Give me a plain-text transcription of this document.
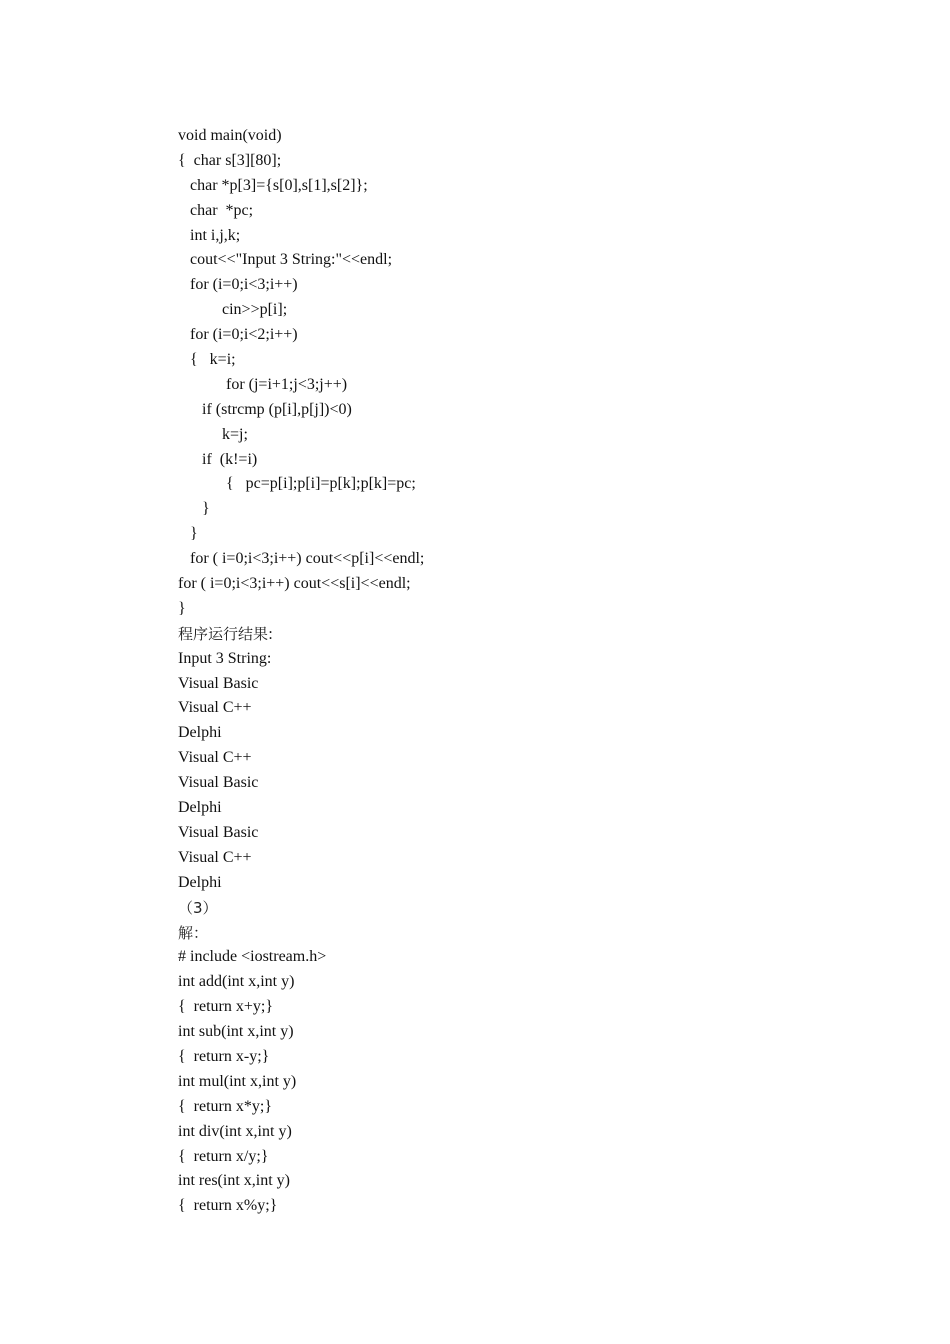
void main(void)
{  char s[3][80];
char *p[3]={s[0],s[1],s[2]};
char  *pc;
int i,j,k;
cout<<"Input 3 String:"<<endl;
for (i=0;i<3;i++)
cin>>p[i];
for (i=0;i<2;i++)
{   k=i;
for (j=i+1;j<3;j++)
if (strcmp (p[i],p[j])<0)
k=j;
if  (k!=i)
{   pc=p[i];p[i]=p[k];p[k]=pc;
}
}
for ( i=0;i<3;i++) cout<<p[i]<<endl;
for ( i=0;i<3;i++) cout<<s[i]<<endl;
}
程序运行结果:
Input 3 String:
Visual Basic
Visual C++
Delphi
Visual C++
Visual Basic
Delphi
Visual Basic
Visual C++
Delphi
（3）
解：
# include <iostream.h>
int add(int x,int y)
{  return x+y;}
int sub(int x,int y)
{  return x-y;}
int mul(int x,int y)
{  return x*y;}
int div(int x,int y)
{  return x/y;}
int res(int x,int y)
{  return x%y;}
